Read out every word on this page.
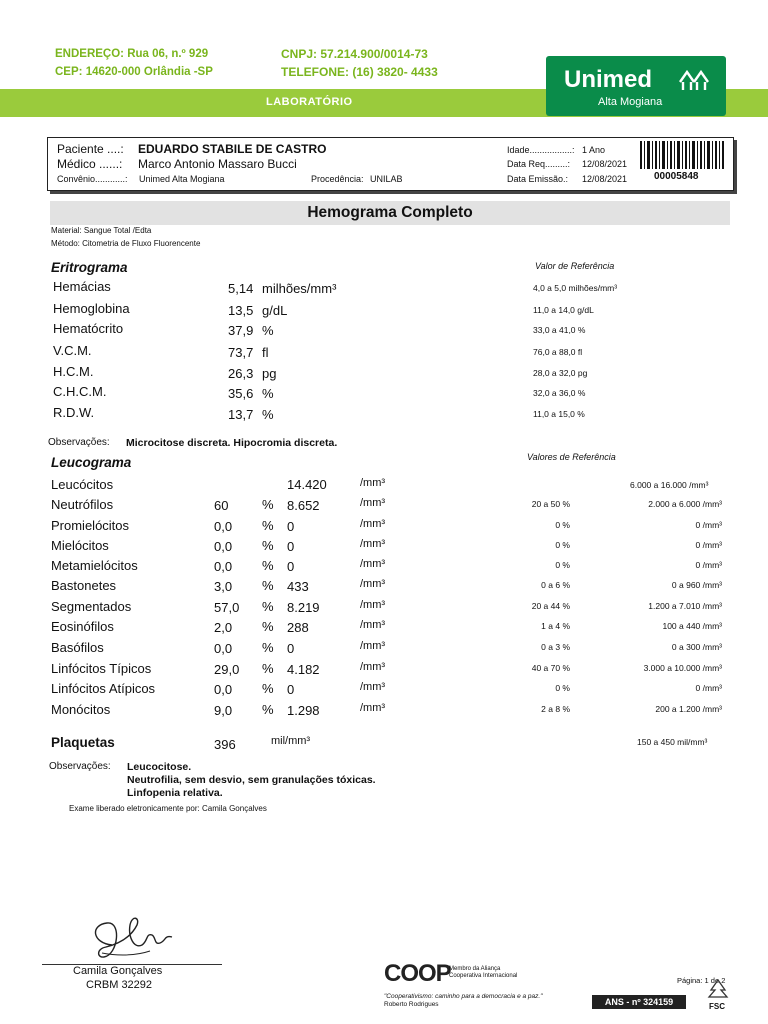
ENDEREÇO: Rua 06, n.º 929
CEP: 14620-000 Orlândia -SP
CNPJ: 57.214.900/0014-73
TELEFONE: (16) 3820- 4433
LABORATÓRIO
Unimed
Alta Mogiana
Paciente ....: EDUARDO STABILE DE CASTRO
Médico ......: Marco Antonio Massaro Bucci
Convênio............: Unimed Alta Mogiana	Procedência: UNILAB
Idade.................: 1 Ano
Data Req.........: 12/08/2021
Data Emissão.: 12/08/2021	00005848
Hemograma Completo
Material: Sangue Total /Edta
Método: Citometria de Fluxo Fluorencente
Eritrograma	Valor de Referência
Hemácias	5,14 milhões/mm³	4,0 a 5,0 milhões/mm³
Hemoglobina	13,5 g/dL	11,0 a 14,0 g/dL
Hematócrito	37,9 %	33,0 a 41,0 %
V.C.M.	73,7 fl	76,0 a 88,0 fl
H.C.M.	26,3 pg	28,0 a 32,0 pg
C.H.C.M.	35,6 %	32,0 a 36,0 %
R.D.W.	13,7 %	11,0 a 15,0 %
Observações: Microcitose discreta. Hipocromia discreta.
Leucograma	Valores de Referência
Leucócitos	14.420	/mm³	6.000 a 16.000 /mm³
Neutrófilos	60	% 8.652	/mm³	20 a 50 %	2.000 a 6.000 /mm³
Promielócitos	0,0 % 0	/mm³	0 %	0 /mm³
Mielócitos	0,0 % 0	/mm³	0 %	0 /mm³
Metamielócitos	0,0 % 0	/mm³	0 %	0 /mm³
Bastonetes	3,0 % 433	/mm³	0 a 6 %	0 a 960 /mm³
Segmentados	57,0 % 8.219	/mm³	20 a 44 %	1.200 a 7.010 /mm³
Eosinófilos	2,0 % 288	/mm³	1 a 4 %	100 a 440 /mm³
Basófilos	0,0 % 0	/mm³	0 a 3 %	0 a 300 /mm³
Linfócitos Típicos	29,0 % 4.182	/mm³	40 a 70 %	3.000 a 10.000 /mm³
Linfócitos Atípicos	0,0 % 0	/mm³	0 %	0 /mm³
Monócitos	9,0 % 1.298	/mm³	2 a 8 %	200 a 1.200 /mm³
Plaquetas	396	mil/mm³	150 a 450 mil/mm³
Observações: Leucocitose.
Neutrofilia, sem desvio, sem granulações tóxicas.
Linfopenia relativa.
Exame liberado eletronicamente por: Camila Gonçalves
Camila Gonçalves
CRBM 32292	COOP
Membro da Aliança
Cooperativa Internacional
"Cooperativismo: caminho para a democracia e a paz."
Roberto Rodrigues
Página: 1 de 2
ANS - nº 324159	FSC
